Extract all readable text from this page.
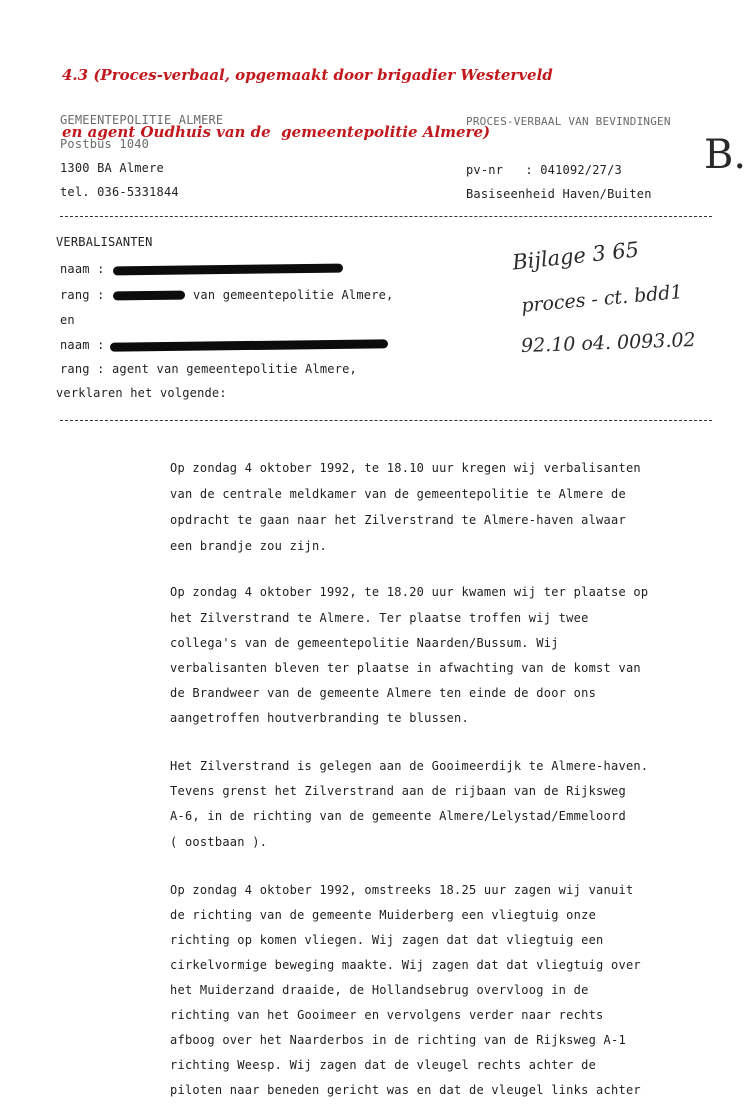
4.3 (Proces-verbaal, opgemaakt door brigadier Westerveld

en agent Oudhuis van de  gemeentepolitie Almere)

GEMEENTEPOLITIE ALMERE
Postbus 1040
1300 BA Almere
tel. 036-5331844
PROCES-VERBAAL VAN BEVINDINGEN
pv-nr   : 041092/27/3
Basiseenheid Haven/Buiten
B.
VERBALISANTEN
naam :
rang :	van gemeentepolitie Almere,
en
naam :
rang : agent van gemeentepolitie Almere,
verklaren het volgende:
Bijlage 3 65
proces - ct. bdd1
92.10 o4. 0093.02
Op zondag 4 oktober 1992, te 18.10 uur kregen wij verbalisanten
van de centrale meldkamer van de gemeentepolitie te Almere de
opdracht te gaan naar het Zilverstrand te Almere-haven alwaar
een brandje zou zijn.
Op zondag 4 oktober 1992, te 18.20 uur kwamen wij ter plaatse op
het Zilverstrand te Almere. Ter plaatse troffen wij twee
collega's van de gemeentepolitie Naarden/Bussum. Wij
verbalisanten bleven ter plaatse in afwachting van de komst van
de Brandweer van de gemeente Almere ten einde de door ons
aangetroffen houtverbranding te blussen.
Het Zilverstrand is gelegen aan de Gooimeerdijk te Almere-haven.
Tevens grenst het Zilverstrand aan de rijbaan van de Rijksweg
A-6, in de richting van de gemeente Almere/Lelystad/Emmeloord
( oostbaan ).
Op zondag 4 oktober 1992, omstreeks 18.25 uur zagen wij vanuit
de richting van de gemeente Muiderberg een vliegtuig onze
richting op komen vliegen. Wij zagen dat dat vliegtuig een
cirkelvormige beweging maakte. Wij zagen dat dat vliegtuig over
het Muiderzand draaide, de Hollandsebrug overvloog in de
richting van het Gooimeer en vervolgens verder naar rechts
afboog over het Naarderbos in de richting van de Rijksweg A-1
richting Weesp. Wij zagen dat de vleugel rechts achter de
piloten naar beneden gericht was en dat de vleugel links achter
